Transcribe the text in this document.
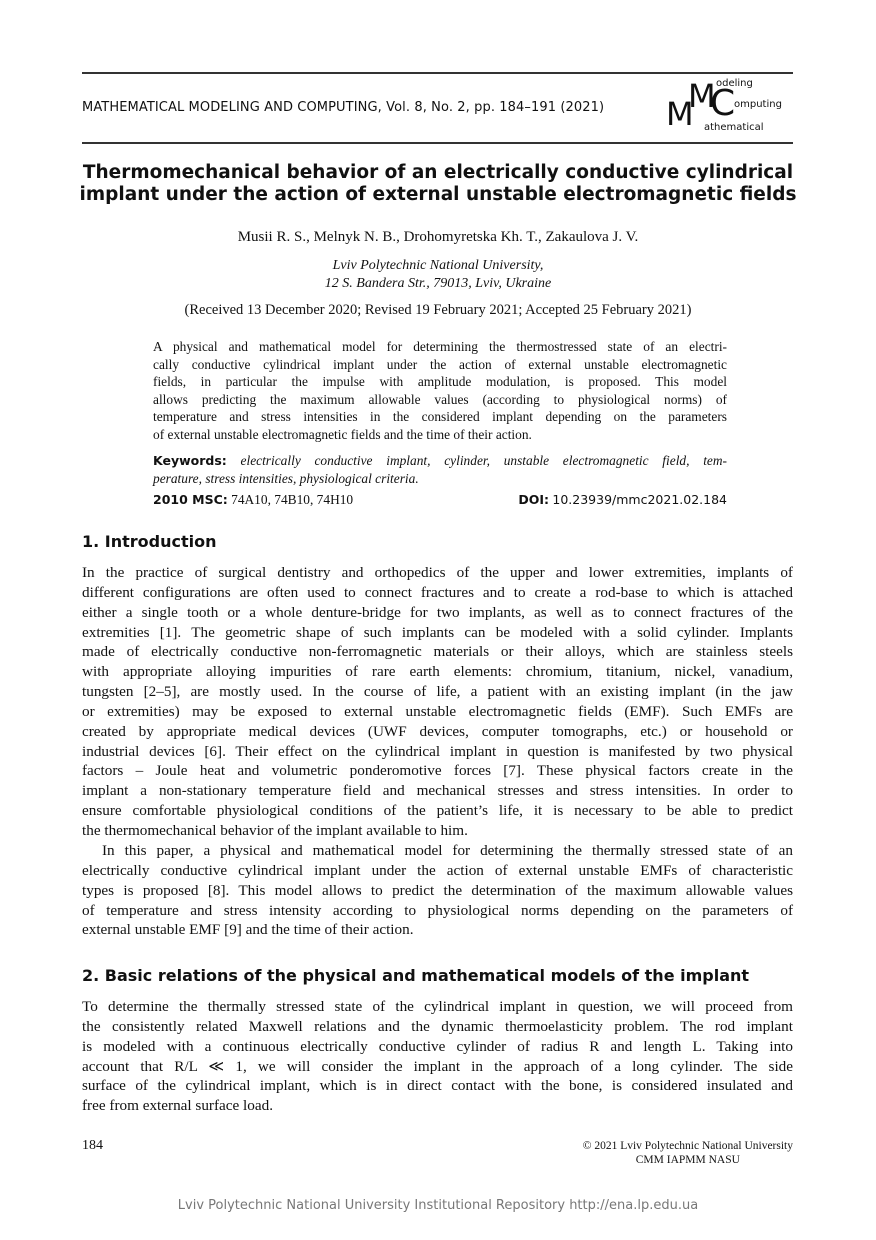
MATHEMATICAL MODELING AND COMPUTING, Vol. 8, No. 2, pp. 184–191 (2021) M
M
C
odeling
omputing
athematical
Thermomechanical behavior of an electrically conductive cylindrical
implant under the action of external unstable electromagnetic fields
Musii R. S., Melnyk N. B., Drohomyretska Kh. T., Zakaulova J. V.
Lviv Polytechnic National University,
12 S. Bandera Str., 79013, Lviv, Ukraine
(Received 13 December 2020; Revised 19 February 2021; Accepted 25 February 2021)
A physical and mathematical model for determining the thermostressed state of an electri-
cally conductive cylindrical implant under the action of external unstable electromagnetic
fields, in particular the impulse with amplitude modulation, is proposed. This model
allows predicting the maximum allowable values (according to physiological norms) of
temperature and stress intensities in the considered implant depending on the parameters
of external unstable electromagnetic fields and the time of their action.
Keywords: electrically conductive implant, cylinder, unstable electromagnetic field, tem-
perature, stress intensities, physiological criteria.
2010 MSC: 74A10, 74B10, 74H10	DOI: 10.23939/mmc2021.02.184
1. Introduction
In the practice of surgical dentistry and orthopedics of the upper and lower extremities, implants of
different configurations are often used to connect fractures and to create a rod-base to which is attached
either a single tooth or a whole denture-bridge for two implants, as well as to connect fractures of the
extremities [1]. The geometric shape of such implants can be modeled with a solid cylinder. Implants
made of electrically conductive non-ferromagnetic materials or their alloys, which are stainless steels
with appropriate alloying impurities of rare earth elements: chromium, titanium, nickel, vanadium,
tungsten [2–5], are mostly used. In the course of life, a patient with an existing implant (in the jaw
or extremities) may be exposed to external unstable electromagnetic fields (EMF). Such EMFs are
created by appropriate medical devices (UWF devices, computer tomographs, etc.) or household or
industrial devices [6]. Their effect on the cylindrical implant in question is manifested by two physical
factors – Joule heat and volumetric ponderomotive forces [7]. These physical factors create in the
implant a non-stationary temperature field and mechanical stresses and stress intensities. In order to
ensure comfortable physiological conditions of the patient’s life, it is necessary to be able to predict
the thermomechanical behavior of the implant available to him.
In this paper, a physical and mathematical model for determining the thermally stressed state of an
electrically conductive cylindrical implant under the action of external unstable EMFs of characteristic
types is proposed [8]. This model allows to predict the determination of the maximum allowable values
of temperature and stress intensity according to physiological norms depending on the parameters of
external unstable EMF [9] and the time of their action.
2. Basic relations of the physical and mathematical models of the implant
To determine the thermally stressed state of the cylindrical implant in question, we will proceed from
the consistently related Maxwell relations and the dynamic thermoelasticity problem. The rod implant
is modeled with a continuous electrically conductive cylinder of radius R and length L. Taking into
account that R/L ≪ 1, we will consider the implant in the approach of a long cylinder. The side
surface of the cylindrical implant, which is in direct contact with the bone, is considered insulated and
free from external surface load.
184	© 2021 Lviv Polytechnic National University
CMM IAPMM NASU
Lviv Polytechnic National University Institutional Repository http://ena.lp.edu.ua
